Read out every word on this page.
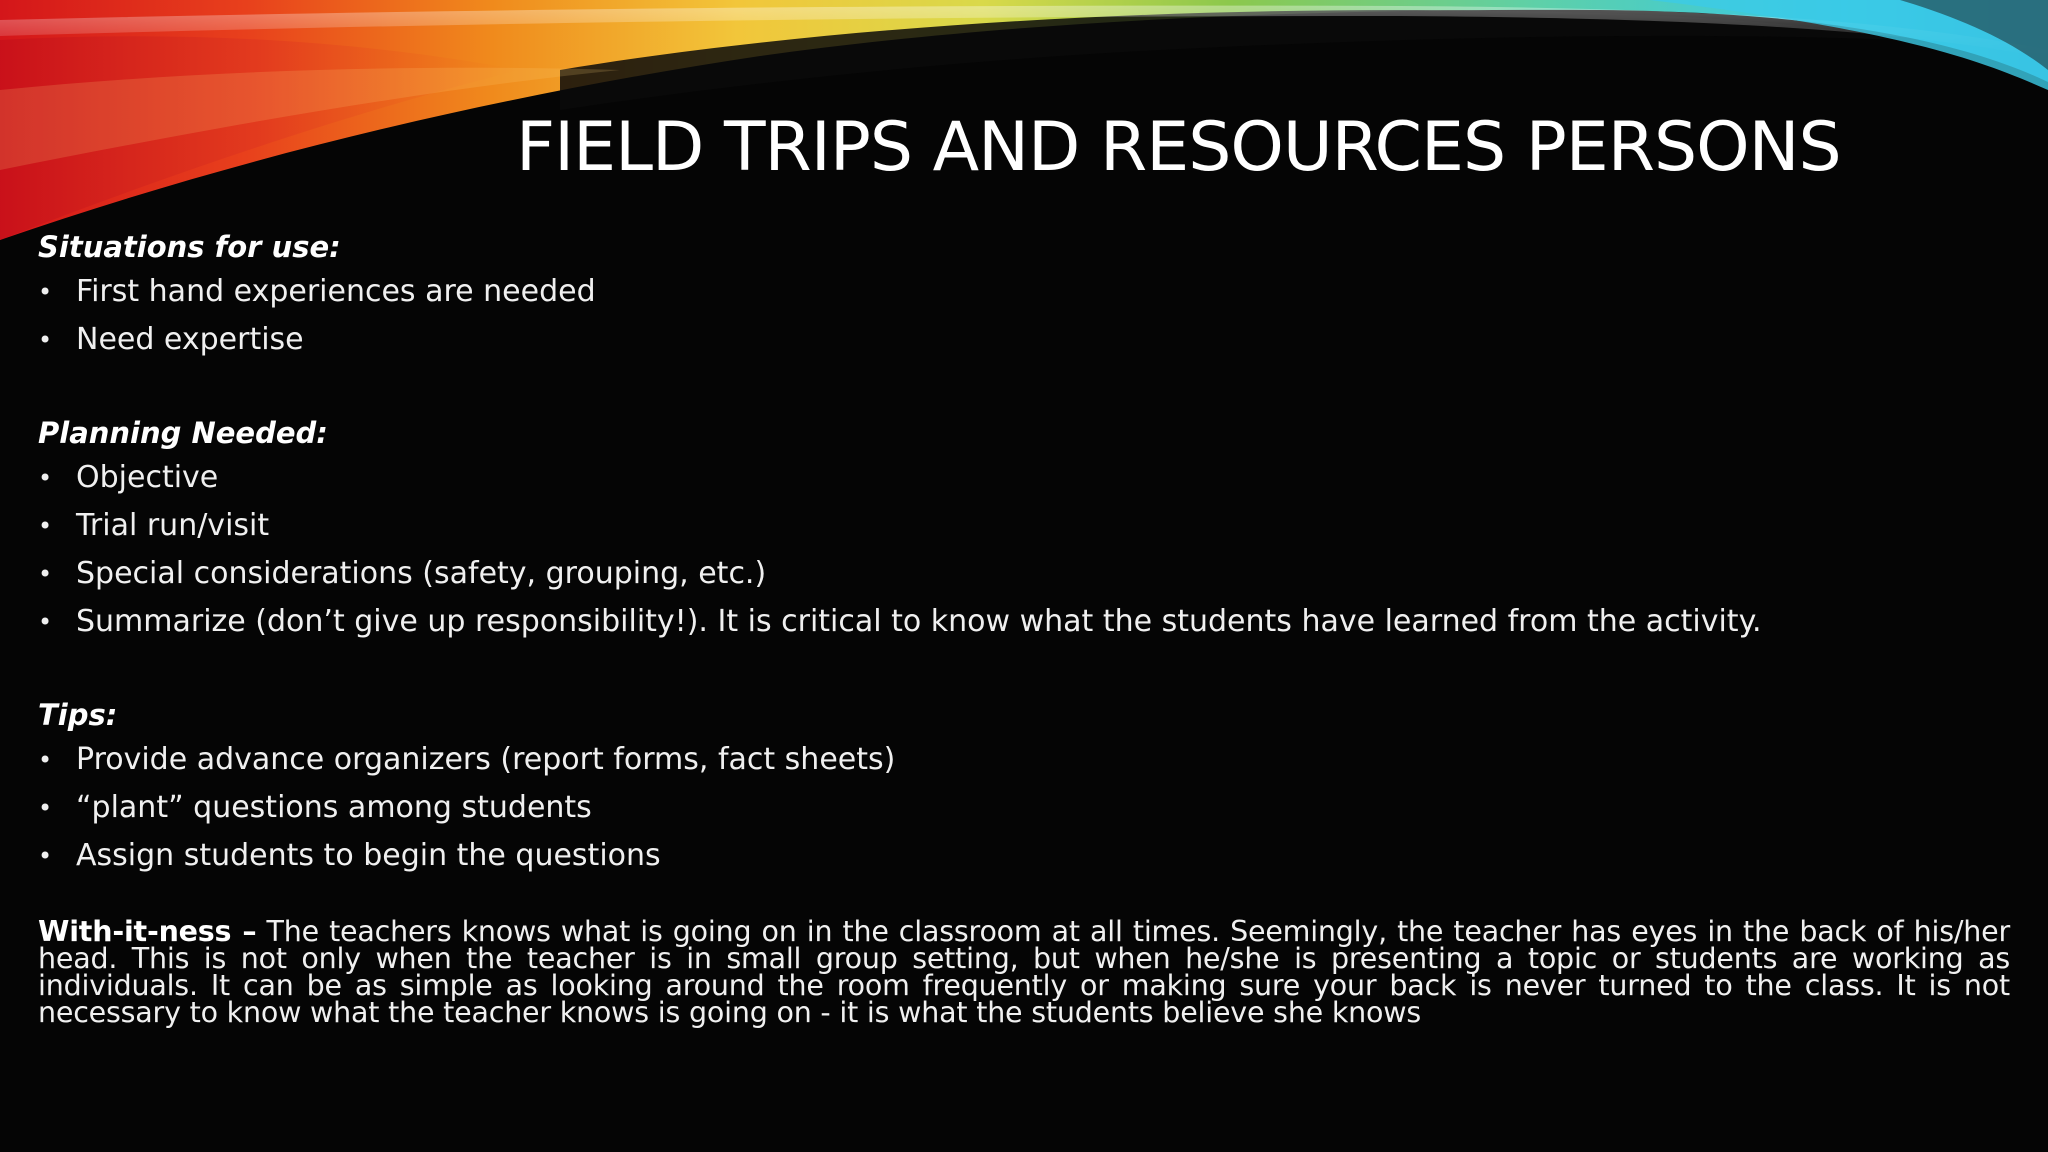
FIELD TRIPS AND RESOURCES PERSONS
Situations for use:
• First hand experiences are needed
• Need expertise
Planning Needed:
• Objective
• Trial run/visit
• Special considerations (safety, grouping, etc.)
• Summarize (don’t give up responsibility!). It is critical to know what the students have learned from the activity.
Tips:
• Provide advance organizers (report forms, fact sheets)
• “plant” questions among students
• Assign students to begin the questions

With-it-ness – The teachers knows what is going on in the classroom at all times. Seemingly, the teacher has eyes in the back of his/her head. This is not only when the teacher is in small group setting, but when he/she is presenting a topic or students are working as individuals. It can be as simple as looking around the room frequently or making sure your back is never turned to the class. It is not necessary to know what the teacher knows is going on - it is what the students believe she knows
